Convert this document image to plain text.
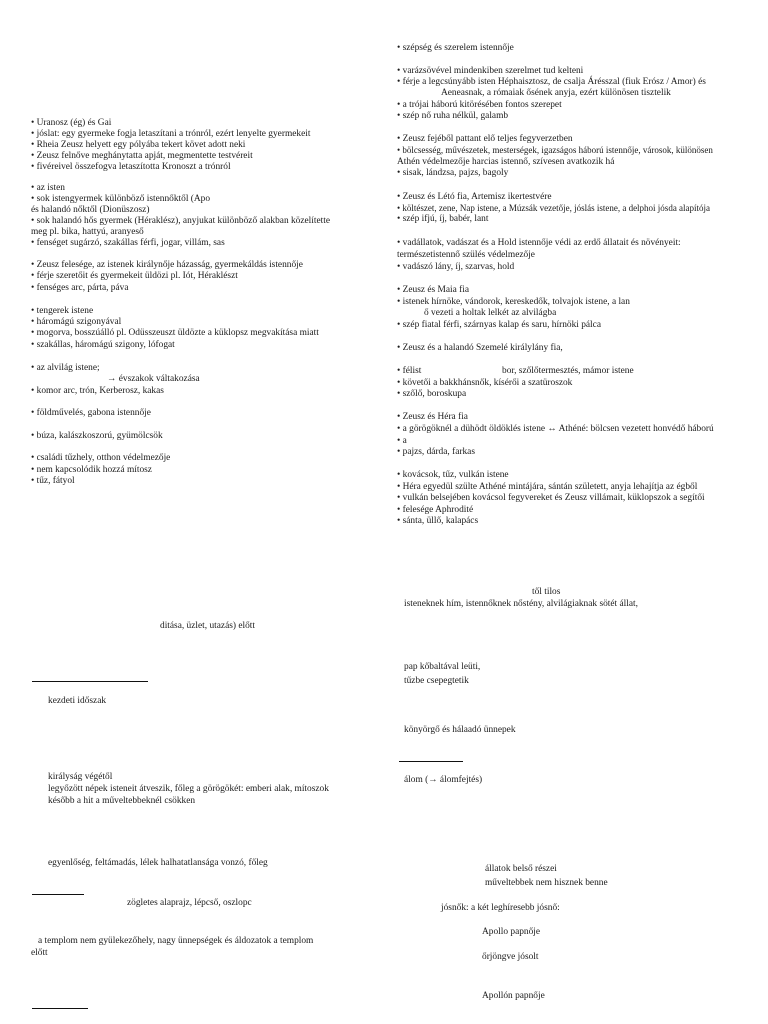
• Uranosz (ég) és Gai
• jóslat: egy gyermeke fogja letaszítani a trónról, ezért lenyelte gyermekeit
• Rheia Zeusz helyett egy pólyába tekert követ adott neki
• Zeusz felnőve meghánytatta apját, megmentette testvéreit
• fivéreivel összefogva letaszította Kronoszt a trónról
• az isten
• sok istengyermek különböző istennőktől (Apo
és halandó nőktől (Dionüszosz)
• sok halandó hős gyermek (Héraklész), anyjukat különböző alakban közelítette
meg pl. bika, hattyú, aranyeső
• fenséget sugárzó, szakállas férfi, jogar, villám, sas
• Zeusz felesége, az istenek királynője házasság, gyermekáldás istennője
• férje szeretőit és gyermekeit üldözi pl. Iót, Héraklészt
• fenséges arc, párta, páva
• tengerek istene
• háromágú szigonyával
• mogorva, bosszúálló pl. Odüsszeuszt üldözte a küklopsz megvakítása miatt
• szakállas, háromágú szigony, lófogat
• az alvilág istene;
→ évszakok váltakozása
• komor arc, trón, Kerberosz, kakas
• földművelés, gabona istennője
• búza, kalászkoszorú, gyümölcsök
• családi tűzhely, otthon védelmezője
• nem kapcsolódik hozzá mítosz
• tűz, fátyol
ditása, üzlet, utazás) előtt
kezdeti időszak
királyság végétől
legyőzött népek isteneit átveszik, főleg a görögökét: emberi alak, mítoszok
később a hit a műveltebbeknél csökken
egyenlőség, feltámadás, lélek halhatatlansága vonzó, főleg
zögletes alaprajz, lépcső, oszlopc
a templom nem gyülekezőhely, nagy ünnepségek és áldozatok a templom
előtt
• szépség és szerelem istennője
• varázsövével mindenkiben szerelmet tud kelteni
• férje a legcsúnyább isten Héphaisztosz, de csalja Árésszal (fiuk Erósz / Amor) és
Aeneasnak, a rómaiak ősének anyja, ezért különösen tisztelik
• a trójai háború kitörésében fontos szerepet
• szép nő ruha nélkül, galamb
• Zeusz fejéből pattant elő teljes fegyverzetben
• bölcsesség, művészetek, mesterségek, igazságos háború istennője, városok, különösen
Athén védelmezője harcias istennő, szívesen avatkozik há
• sisak, lándzsa, pajzs, bagoly
• Zeusz és Létó fia, Artemisz ikertestvére
• költészet, zene, Nap istene, a Múzsák vezetője, jóslás istene, a delphoi jósda alapítója
• szép ifjú, íj, babér, lant
• vadállatok, vadászat és a Hold istennője védi az erdő állatait és növényeit:
természetistennő szülés védelmezője
• vadászó lány, íj, szarvas, hold
• Zeusz és Maia fia
• istenek hírnöke, vándorok, kereskedők, tolvajok istene, a lan
ő vezeti a holtak lelkét az alvilágba
• szép fiatal férfi, szárnyas kalap és saru, hírnöki pálca
• Zeusz és a halandó Szemelé királylány fia,
• félist	bor, szőlőtermesztés, mámor istene
• követői a bakkhánsnők, kísérői a szatüroszok
• szőlő, boroskupa
• Zeusz és Héra fia
• a görögöknél a dühödt öldöklés istene ↔ Athéné: bölcsen vezetett honvédő háború
• a
• pajzs, dárda, farkas
• kovácsok, tűz, vulkán istene
• Héra egyedül szülte Athéné mintájára, sántán született, anyja lehajítja az égből
• vulkán belsejében kovácsol fegyvereket és Zeusz villámait, küklopszok a segítői
• felesége Aphrodité
• sánta, üllő, kalapács
től tilos
isteneknek hím, istennőknek nőstény, alvilágiaknak sötét állat,
pap kőbaltával leüti,
tűzbe csepegtetik
könyörgő és hálaadó ünnepek
álom (→ álomfejtés)
állatok belső részei
műveltebbek nem hisznek benne
jósnők: a két leghíresebb jósnő:
Apollo papnője
őrjöngve jósolt
Apollón papnője
